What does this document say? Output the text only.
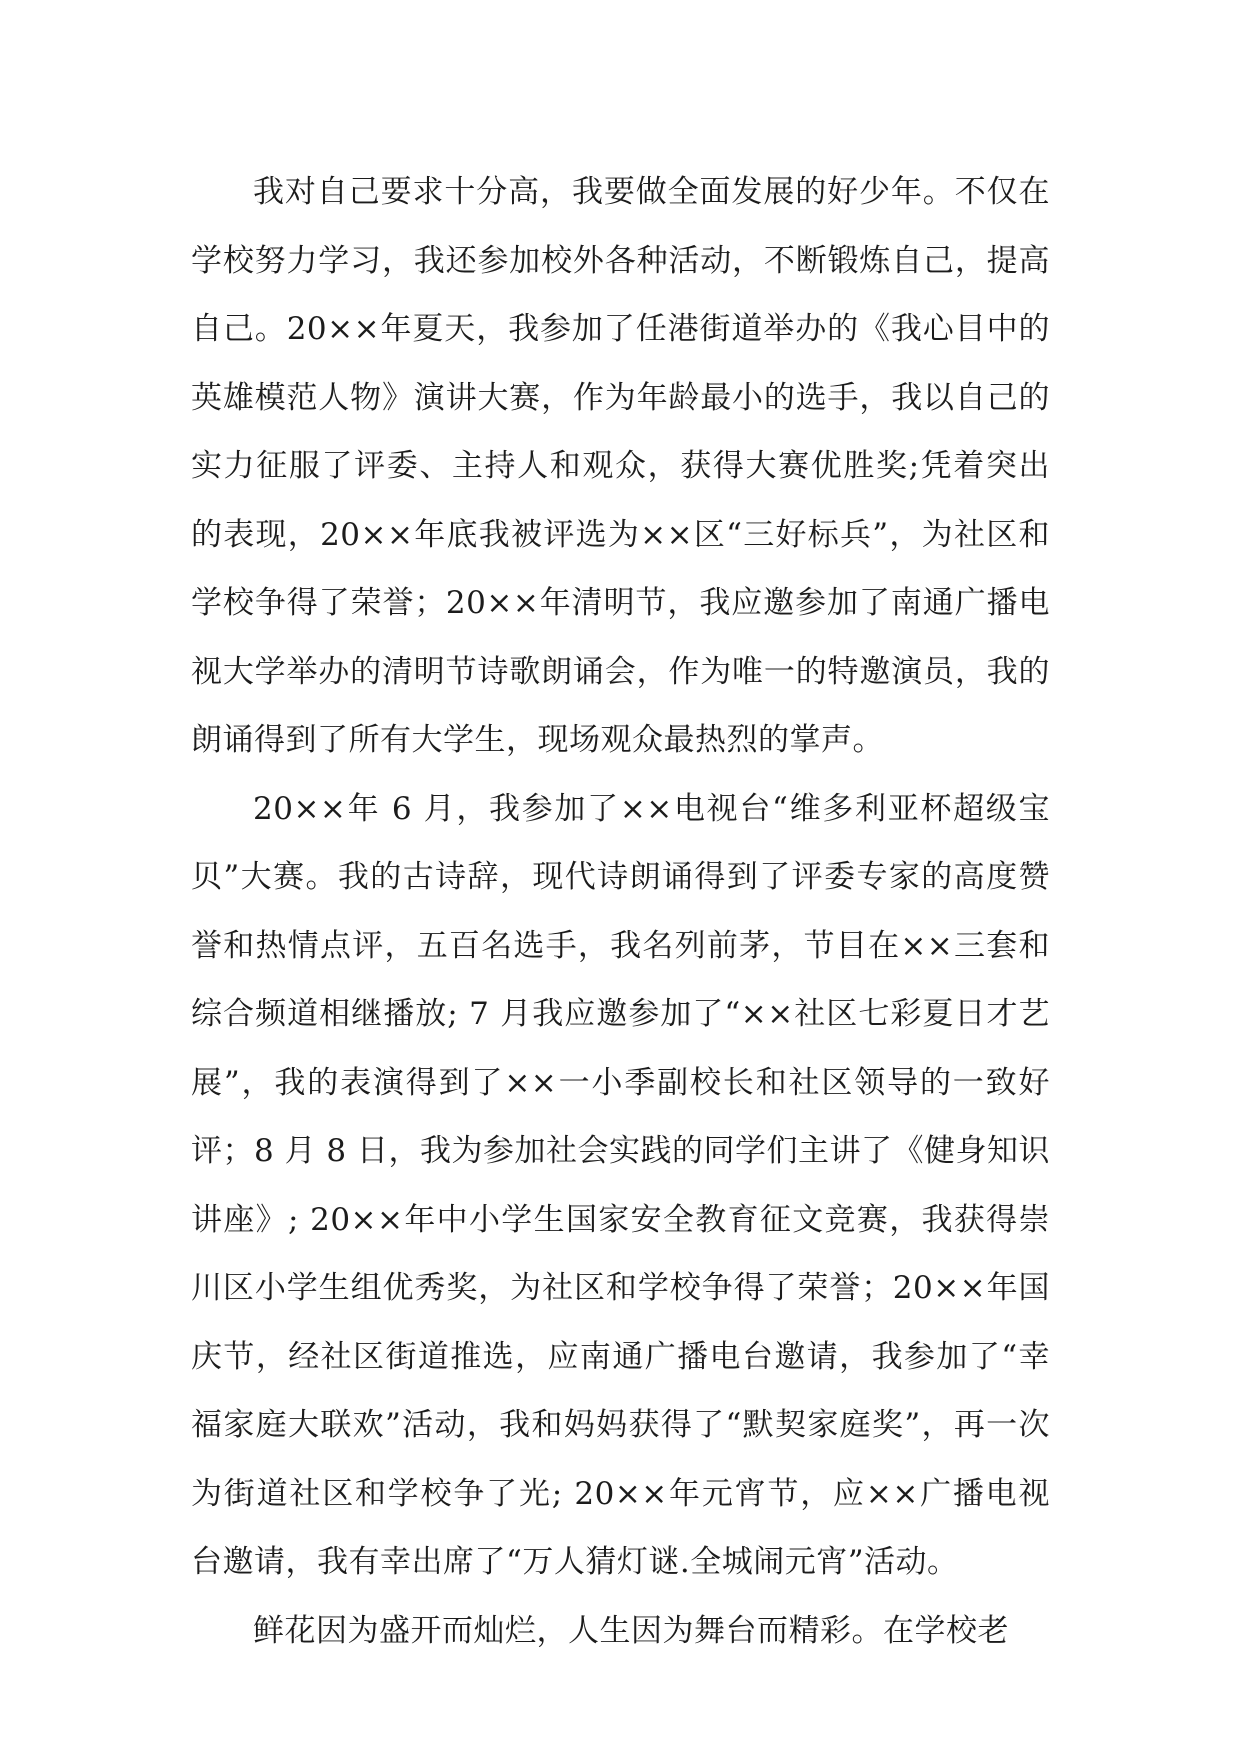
我对自己要求十分高，我要做全面发展的好少年。不仅在学校努力学习，我还参加校外各种活动，不断锻炼自己，提高自己。20××年夏天，我参加了任港街道举办的《我心目中的英雄模范人物》演讲大赛，作为年龄最小的选手，我以自己的实力征服了评委、主持人和观众，获得大赛优胜奖;凭着突出的表现，20××年底我被评选为××区“三好标兵”，为社区和学校争得了荣誉；20××年清明节，我应邀参加了南通广播电视大学举办的清明节诗歌朗诵会，作为唯一的特邀演员，我的朗诵得到了所有大学生，现场观众最热烈的掌声。

20××年 6 月，我参加了××电视台“维多利亚杯超级宝贝”大赛。我的古诗辞，现代诗朗诵得到了评委专家的高度赞誉和热情点评，五百名选手，我名列前茅，节目在××三套和综合频道相继播放; 7 月我应邀参加了“××社区七彩夏日才艺展”，我的表演得到了××一小季副校长和社区领导的一致好评；8 月 8 日，我为参加社会实践的同学们主讲了《健身知识讲座》; 20××年中小学生国家安全教育征文竞赛，我获得崇川区小学生组优秀奖，为社区和学校争得了荣誉；20××年国庆节，经社区街道推选，应南通广播电台邀请，我参加了“幸福家庭大联欢”活动，我和妈妈获得了“默契家庭奖”，再一次为街道社区和学校争了光; 20××年元宵节，应××广播电视台邀请，我有幸出席了“万人猜灯谜.全城闹元宵”活动。

鲜花因为盛开而灿烂，人生因为舞台而精彩。在学校老
